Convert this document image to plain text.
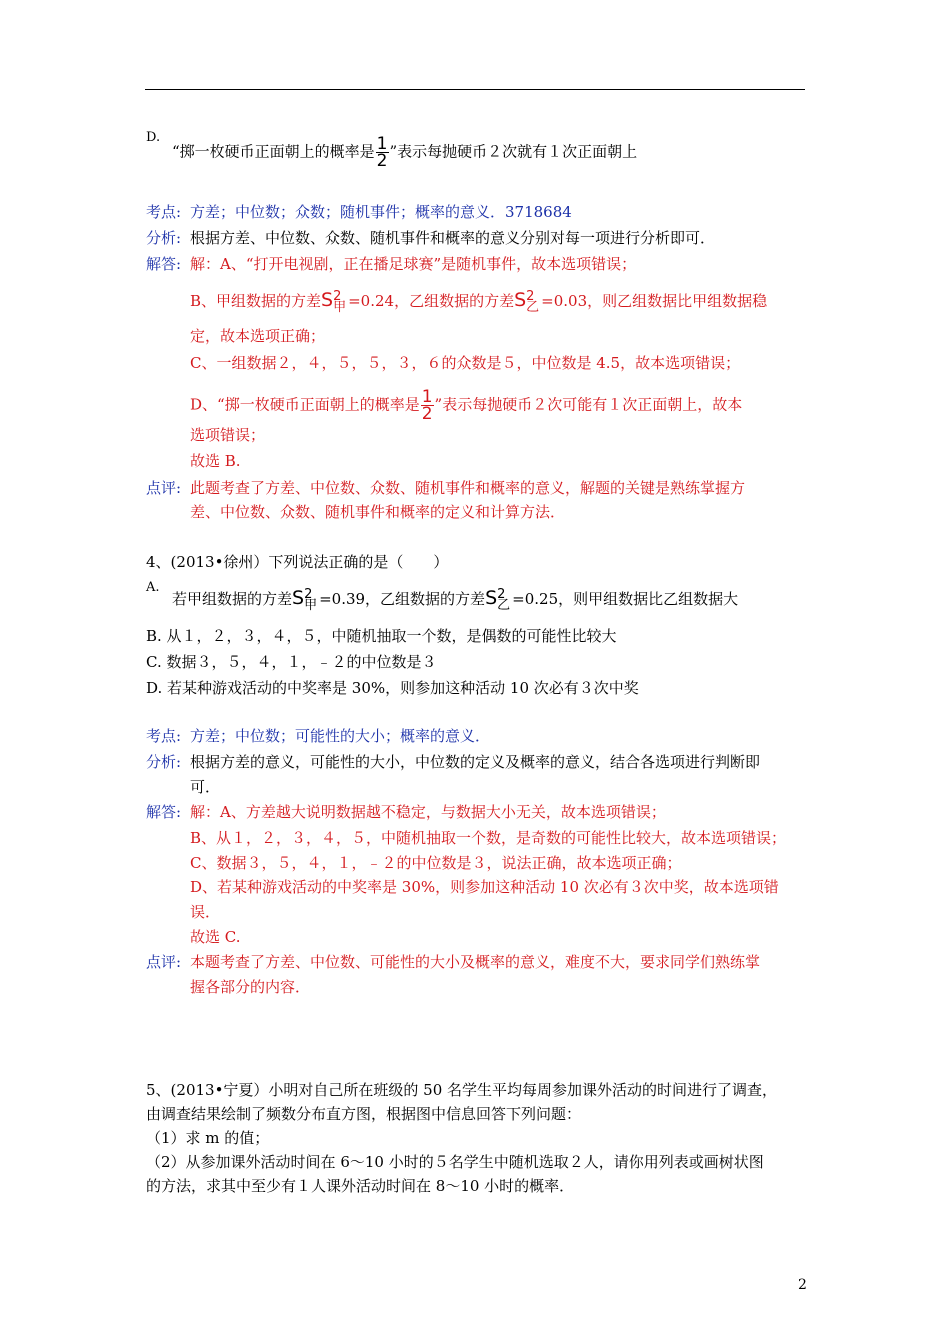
D.
“掷一枚硬币正面朝上的概率是 $\frac{1}{2}$ ”表示每抛硬币２次就有１次正面朝上
考点: 方差；中位数；众数；随机事件；概率的意义．3718684
分析: 根据方差、中位数、众数、随机事件和概率的意义分别对每一项进行分析即可．
解答: 解：A、“打开电视剧，正在播足球赛”是随机事件，故本选项错误；
B、甲组数据的方差S 2
甲 =0.24，乙组数据的方差S 2
乙 =0.03，则乙组数据比甲组数据稳
定，故本选项正确；
C、一组数据２，４，５，５，３，６的众数是５，中位数是 4.5，故本选项错误；
D、“掷一枚硬币正面朝上的概率是 $\frac{1}{2}$ ”表示每抛硬币２次可能有１次正面朝上，故本
选项错误；
故选 B.
点评: 此题考查了方差、中位数、众数、随机事件和概率的意义，解题的关键是熟练掌握方
差、中位数、众数、随机事件和概率的定义和计算方法．
4、(2013•徐州）下列说法正确的是（　　）
A.
若甲组数据的方差S 2
甲 =0.39，乙组数据的方差S 2
乙 =0.25，则甲组数据比乙组数据大
B. 从１，２，３，４，５，中随机抽取一个数，是偶数的可能性比较大
C. 数据３，５，４，１，﹣２的中位数是３
D. 若某种游戏活动的中奖率是 30%，则参加这种活动 10 次必有３次中奖
考点: 方差；中位数；可能性的大小；概率的意义．
分析: 根据方差的意义，可能性的大小，中位数的定义及概率的意义，结合各选项进行判断即
可．
解答: 解：A、方差越大说明数据越不稳定，与数据大小无关，故本选项错误；
B、从１，２，３，４，５，中随机抽取一个数，是奇数的可能性比较大，故本选项错误；
C、数据３，５，４，１，﹣２的中位数是３，说法正确，故本选项正确；
D、若某种游戏活动的中奖率是 30%，则参加这种活动 10 次必有３次中奖，故本选项错
误．
故选 C.
点评: 本题考查了方差、中位数、可能性的大小及概率的意义，难度不大，要求同学们熟练掌
握各部分的内容．
5、(2013•宁夏）小明对自己所在班级的 50 名学生平均每周参加课外活动的时间进行了调查，
由调查结果绘制了频数分布直方图，根据图中信息回答下列问题：
（1）求 m 的值；
（2）从参加课外活动时间在 6～10 小时的５名学生中随机选取２人，请你用列表或画树状图
的方法，求其中至少有１人课外活动时间在 8～10 小时的概率．
2
